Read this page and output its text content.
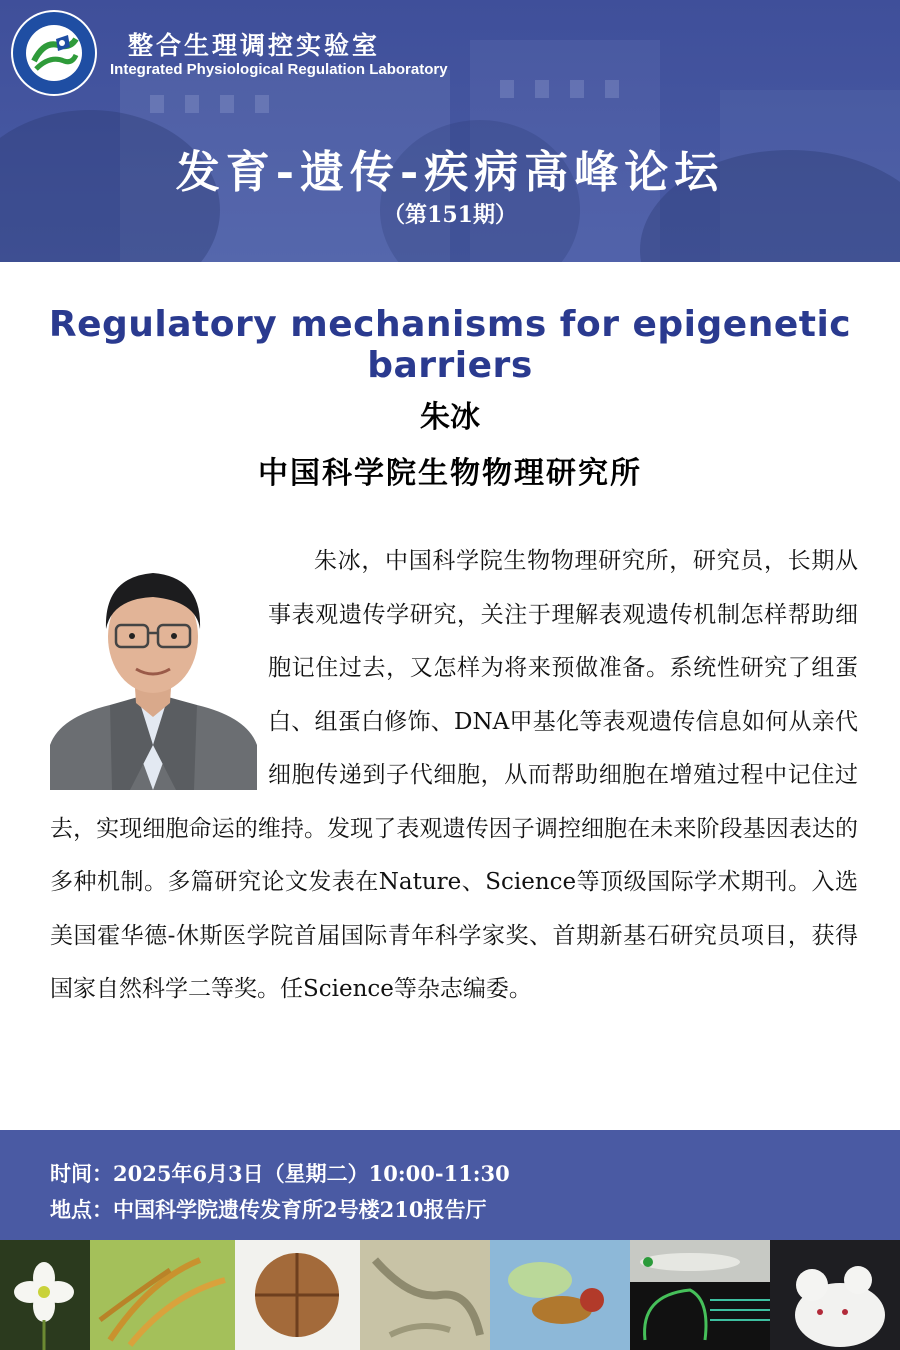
整合生理调控实验室
Integrated Physiological Regulation Laboratory
发育-遗传-疾病高峰论坛
（第151期）
Regulatory mechanisms for epigenetic barriers
朱冰
中国科学院生物物理研究所

朱冰，中国科学院生物物理研究所，研究员，长期从事表观遗传学研究，关注于理解表观遗传机制怎样帮助细胞记住过去，又怎样为将来预做准备。系统性研究了组蛋白、组蛋白修饰、DNA甲基化等表观遗传信息如何从亲代细胞传递到子代细胞，从而帮助细胞在增殖过程中记住过去，实现细胞命运的维持。发现了表观遗传因子调控细胞在未来阶段基因表达的多种机制。多篇研究论文发表在Nature、Science等顶级国际学术期刊。入选美国霍华德-休斯医学院首届国际青年科学家奖、首期新基石研究员项目，获得国家自然科学二等奖。任Science等杂志编委。

时间：2025年6月3日（星期二）10:00-11:30
地点：中国科学院遗传发育所2号楼210报告厅
